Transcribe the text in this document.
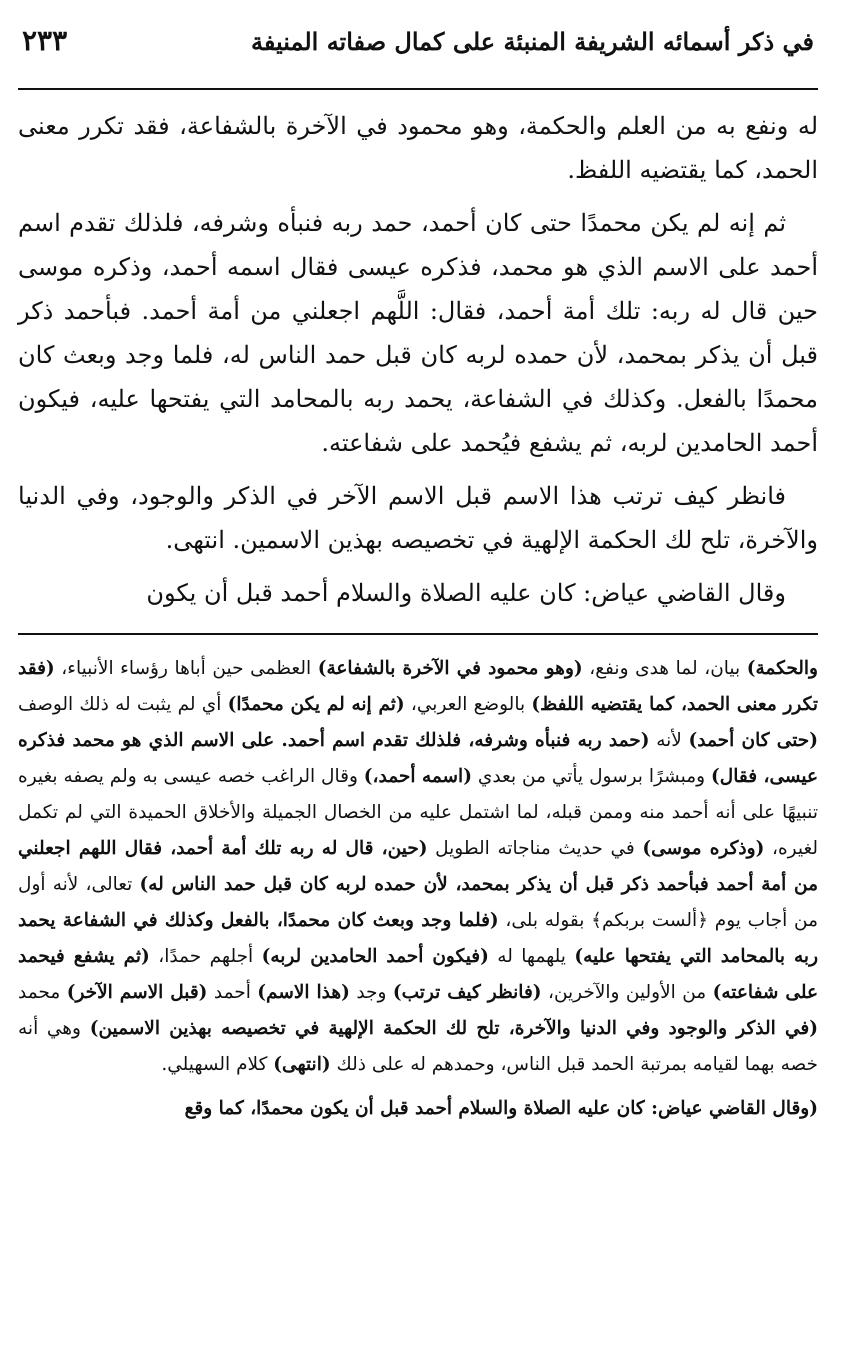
في ذكر أسمائه الشريفة المنبئة على كمال صفاته المنيفة
٢٣٣

له ونفع به من العلم والحكمة، وهو محمود في الآخرة بالشفاعة، فقد تكرر معنى الحمد، كما يقتضيه اللفظ.

ثم إنه لم يكن محمدًا حتى كان أحمد، حمد ربه فنبأه وشرفه، فلذلك تقدم اسم أحمد على الاسم الذي هو محمد، فذكره عيسى فقال اسمه أحمد، وذكره موسى حين قال له ربه: تلك أمة أحمد، فقال: اللَّهم اجعلني من أمة أحمد. فبأحمد ذكر قبل أن يذكر بمحمد، لأن حمده لربه كان قبل حمد الناس له، فلما وجد وبعث كان محمدًا بالفعل. وكذلك في الشفاعة، يحمد ربه بالمحامد التي يفتحها عليه، فيكون أحمد الحامدين لربه، ثم يشفع فيُحمد على شفاعته.

فانظر كيف ترتب هذا الاسم قبل الاسم الآخر في الذكر والوجود، وفي الدنيا والآخرة، تلح لك الحكمة الإلهية في تخصيصه بهذين الاسمين. انتهى.

وقال القاضي عياض: كان عليه الصلاة والسلام أحمد قبل أن يكون

والحكمة) بيان، لما هدى ونفع، (وهو محمود في الآخرة بالشفاعة) العظمى حين أباها رؤساء الأنبياء، (فقد تكرر معنى الحمد، كما يقتضيه اللفظ) بالوضع العربي، (ثم إنه لم يكن محمدًا) أي لم يثبت له ذلك الوصف (حتى كان أحمد) لأنه (حمد ربه فنبأه وشرفه، فلذلك تقدم اسم أحمد. على الاسم الذي هو محمد فذكره عيسى، فقال) ومبشرًا برسول يأتي من بعدي (اسمه أحمد،) وقال الراغب خصه عيسى به ولم يصفه بغيره تنبيهًا على أنه أحمد منه وممن قبله، لما اشتمل عليه من الخصال الجميلة والأخلاق الحميدة التي لم تكمل لغيره، (وذكره موسى) في حديث مناجاته الطويل (حين، قال له ربه تلك أمة أحمد، فقال اللهم اجعلني من أمة أحمد فبأحمد ذكر قبل أن يذكر بمحمد، لأن حمده لربه كان قبل حمد الناس له) تعالى، لأنه أول من أجاب يوم ﴿ألست بربكم﴾ بقوله بلى، (فلما وجد وبعث كان محمدًا، بالفعل وكذلك في الشفاعة يحمد ربه بالمحامد التي يفتحها عليه) يلهمها له (فيكون أحمد الحامدين لربه) أجلهم حمدًا، (ثم يشفع فيحمد على شفاعته) من الأولين والآخرين، (فانظر كيف ترتب) وجد (هذا الاسم) أحمد (قبل الاسم الآخر) محمد (في الذكر والوجود وفي الدنيا والآخرة، تلح لك الحكمة الإلهية في تخصيصه بهذين الاسمين) وهي أنه خصه بهما لقيامه بمرتبة الحمد قبل الناس، وحمدهم له على ذلك (انتهى) كلام السهيلي.

(وقال القاضي عياض: كان عليه الصلاة والسلام أحمد قبل أن يكون محمدًا، كما وقع
